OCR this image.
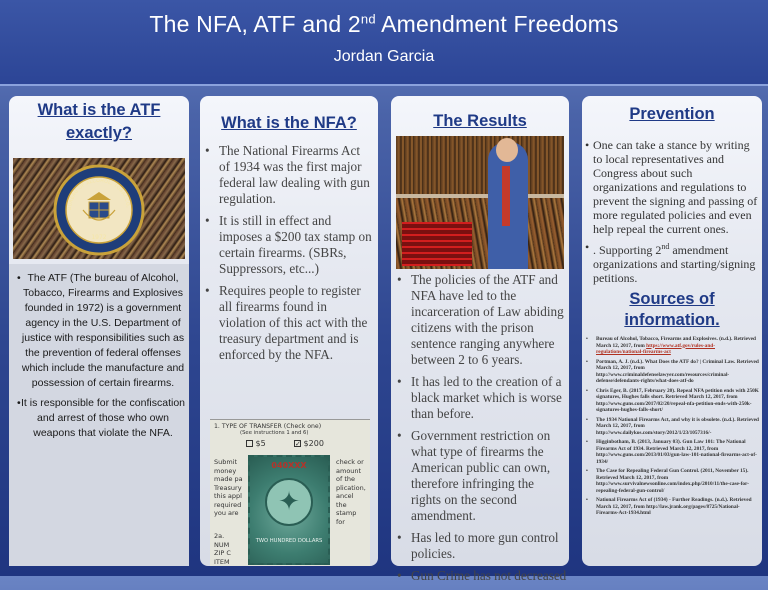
The NFA, ATF and 2nd Amendment Freedoms
Jordan Garcia
What is the ATF exactly?
BUREAU OF ALCOHOL, TOBACCO,
1972
• The ATF (The bureau of Alcohol, Tobacco, Firearms and Explosives founded in 1972) is a government agency in the U.S. Department of justice with responsibilities such as the prevention of federal offenses which include the manufacture and possession of certain firearms.
• It is responsible for the confiscation and arrest of those who own weapons that violate the NFA.
What is the NFA?
• The National Firearms Act of 1934 was the first major federal law dealing with gun regulation.
• It is still in effect and imposes a $200 tax stamp on certain firearms. (SBRs, Suppressors, etc...)
• Requires people to register all firearms found in violation of this act with the treasury department and is enforced by the NFA.
1. TYPE OF TRANSFER (Check one)
(See instructions 1 and 6)
$5	✓ $200
Submit money made pa Treasury this appl required you are
check or amount of the plication, ancel the stamp for
2a. NUM ZIP C ITEM
040XXX
✦
TWO HUNDRED DOLLARS
The Results
• The policies of the ATF and NFA have led to the incarceration of Law abiding citizens with the prison sentence ranging anywhere between 2 to 6 years.
• It has led to the creation of a black market which is worse than before.
• Government restriction on what type of firearms the American public can own, therefore infringing the rights on the second amendment.
• Has led to more gun control policies.
• Gun Crime has not decreased
Prevention
• One can take a stance by writing to local representatives and Congress about such organizations and regulations to prevent the signing and passing of more regulated policies and even help repeal the current ones.
• . Supporting 2nd amendment organizations and starting/signing petitions.
Sources of information.
• Bureau of Alcohol, Tobacco, Firearms and Explosives. (n.d.). Retrieved March 12, 2017, from https://www.atf.gov/rules-and-regulations/national-firearms-act
• Portman, A. J. (n.d.). What Does the ATF do? | Criminal Law. Retrieved March 12, 2017, from http://www.criminaldefenselawyer.com/resources/criminal-defense/defendants-rights/what-does-atf-do
• Chris Eger, B. (2017, February 20). Repeal NFA petition ends with 250K signatures, Hughes falls short. Retrieved March 12, 2017, from http://www.guns.com/2017/02/20/repeal-nfa-petition-ends-with-250k-signatures-hughes-falls-short/
• The 1934 National Firearms Act, and why it is obsolete. (n.d.). Retrieved March 12, 2017, from http://www.dailykos.com/story/2012/1/23/1057316/-
• Higginbotham, B. (2013, January 03). Gun Law 101: The National Firearms Act of 1934. Retrieved March 12, 2017, from http://www.guns.com/2013/01/03/gun-law-101-national-firearms-act-of-1934/
• The Case for Repealing Federal Gun Control. (2011, November 15). Retrieved March 12, 2017, from http://www.survivalnewsonline.com/index.php/2010/11/the-case-for-repealing-federal-gun-control/
• National Firearms Act of (1934) - Further Readings. (n.d.). Retrieved March 12, 2017, from http://law.jrank.org/pages/8725/National-Firearms-Act-1934.html
